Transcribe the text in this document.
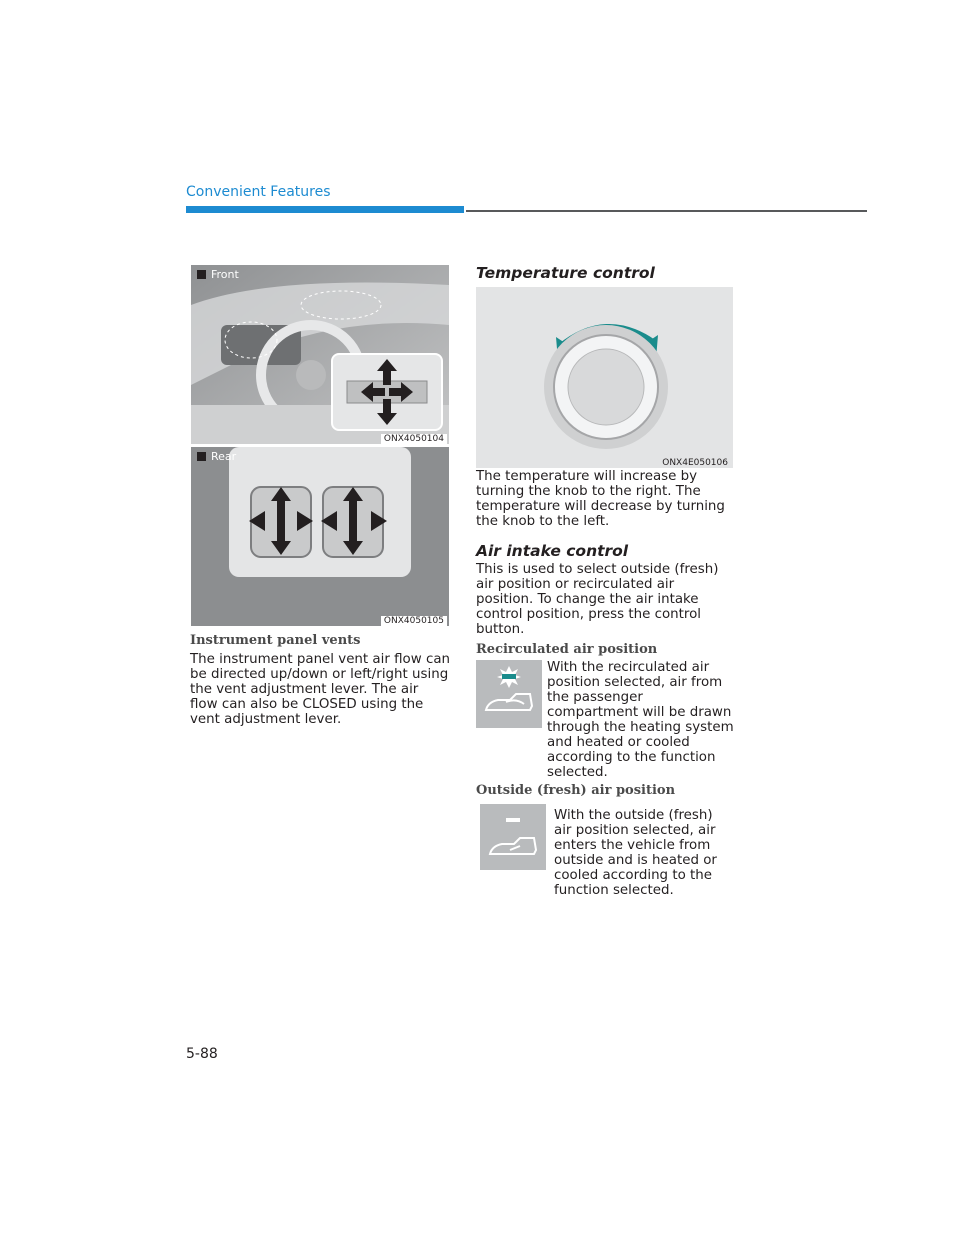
Convenient Features
Front
ONX4050104
Rear
ONX4050105
Instrument panel vents
The instrument panel vent air flow can be directed up/down or left/right using the vent adjustment lever. The air flow can also be CLOSED using the vent adjustment lever.
Temperature control
ONX4E050106
The temperature will increase by turning the knob to the right. The temperature will decrease by turning the knob to the left.
Air intake control
This is used to select outside (fresh) air position or recirculated air position. To change the air intake control position, press the control button.
Recirculated air position
With the recirculated air position selected, air from the passenger compartment will be drawn through the heating system and heated or cooled according to the function selected.
Outside (fresh) air position
With the outside (fresh) air position selected, air enters the vehicle from outside and is heated or cooled according to the function selected.
5-88
